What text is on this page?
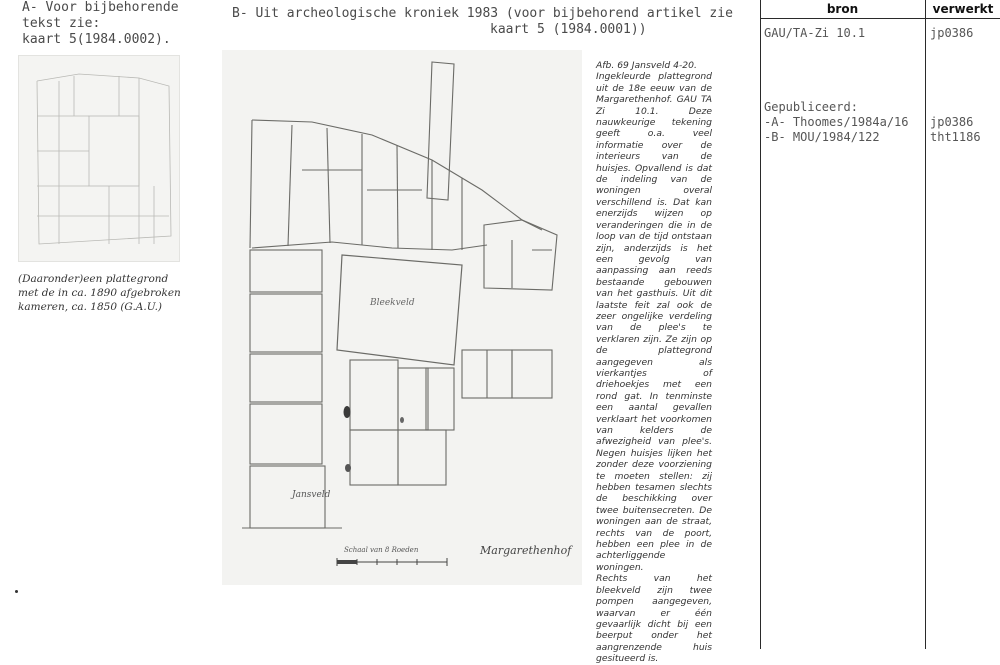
A- Voor bijbehorende
tekst zie:
kaart 5(1984.0002).
B- Uit archeologische kroniek 1983 (voor bijbehorend artikel zie
kaart 5 (1984.0001))
(Daaronder)een plattegrond met de in ca. 1890 afgebroken kameren, ca. 1850 (G.A.U.)	Bleekveld
Jansveld
Margarethenhof
Schaal van 8 Roeden

Afb. 69 Jansveld 4-20.

Ingekleurde plattegrond uit de 18e eeuw van de Margarethenhof. GAU TA Zi 10.1. Deze nauwkeurige tekening geeft o.a. veel informatie over de interieurs van de huisjes. Opvallend is dat de indeling van de woningen overal verschillend is. Dat kan enerzijds wijzen op veranderingen die in de loop van de tijd ontstaan zijn, anderzijds is het een gevolg van aanpassing aan reeds bestaande gebouwen van het gasthuis. Uit dit laatste feit zal ook de zeer ongelijke verdeling van de plee's te verklaren zijn. Ze zijn op de plattegrond aangegeven als vierkantjes of driehoekjes met een rond gat. In tenminste een aantal gevallen verklaart het voorkomen van kelders de afwezigheid van plee's. Negen huisjes lijken het zonder deze voorziening te moeten stellen: zij hebben tesamen slechts de beschikking over twee buitensecreten. De woningen aan de straat, rechts van de poort, hebben een plee in de achterliggende woningen.

Rechts van het bleekveld zijn twee pompen aangegeven, waarvan er één gevaarlijk dicht bij een beerput onder het aangrenzende huis gesitueerd is.

bron	verwerkt
GAU/TA-Zi 10.1	jp0386
Gepubliceerd:
-A- Thoomes/1984a/16 jp0386
-B- MOU/1984/122	tht1186
